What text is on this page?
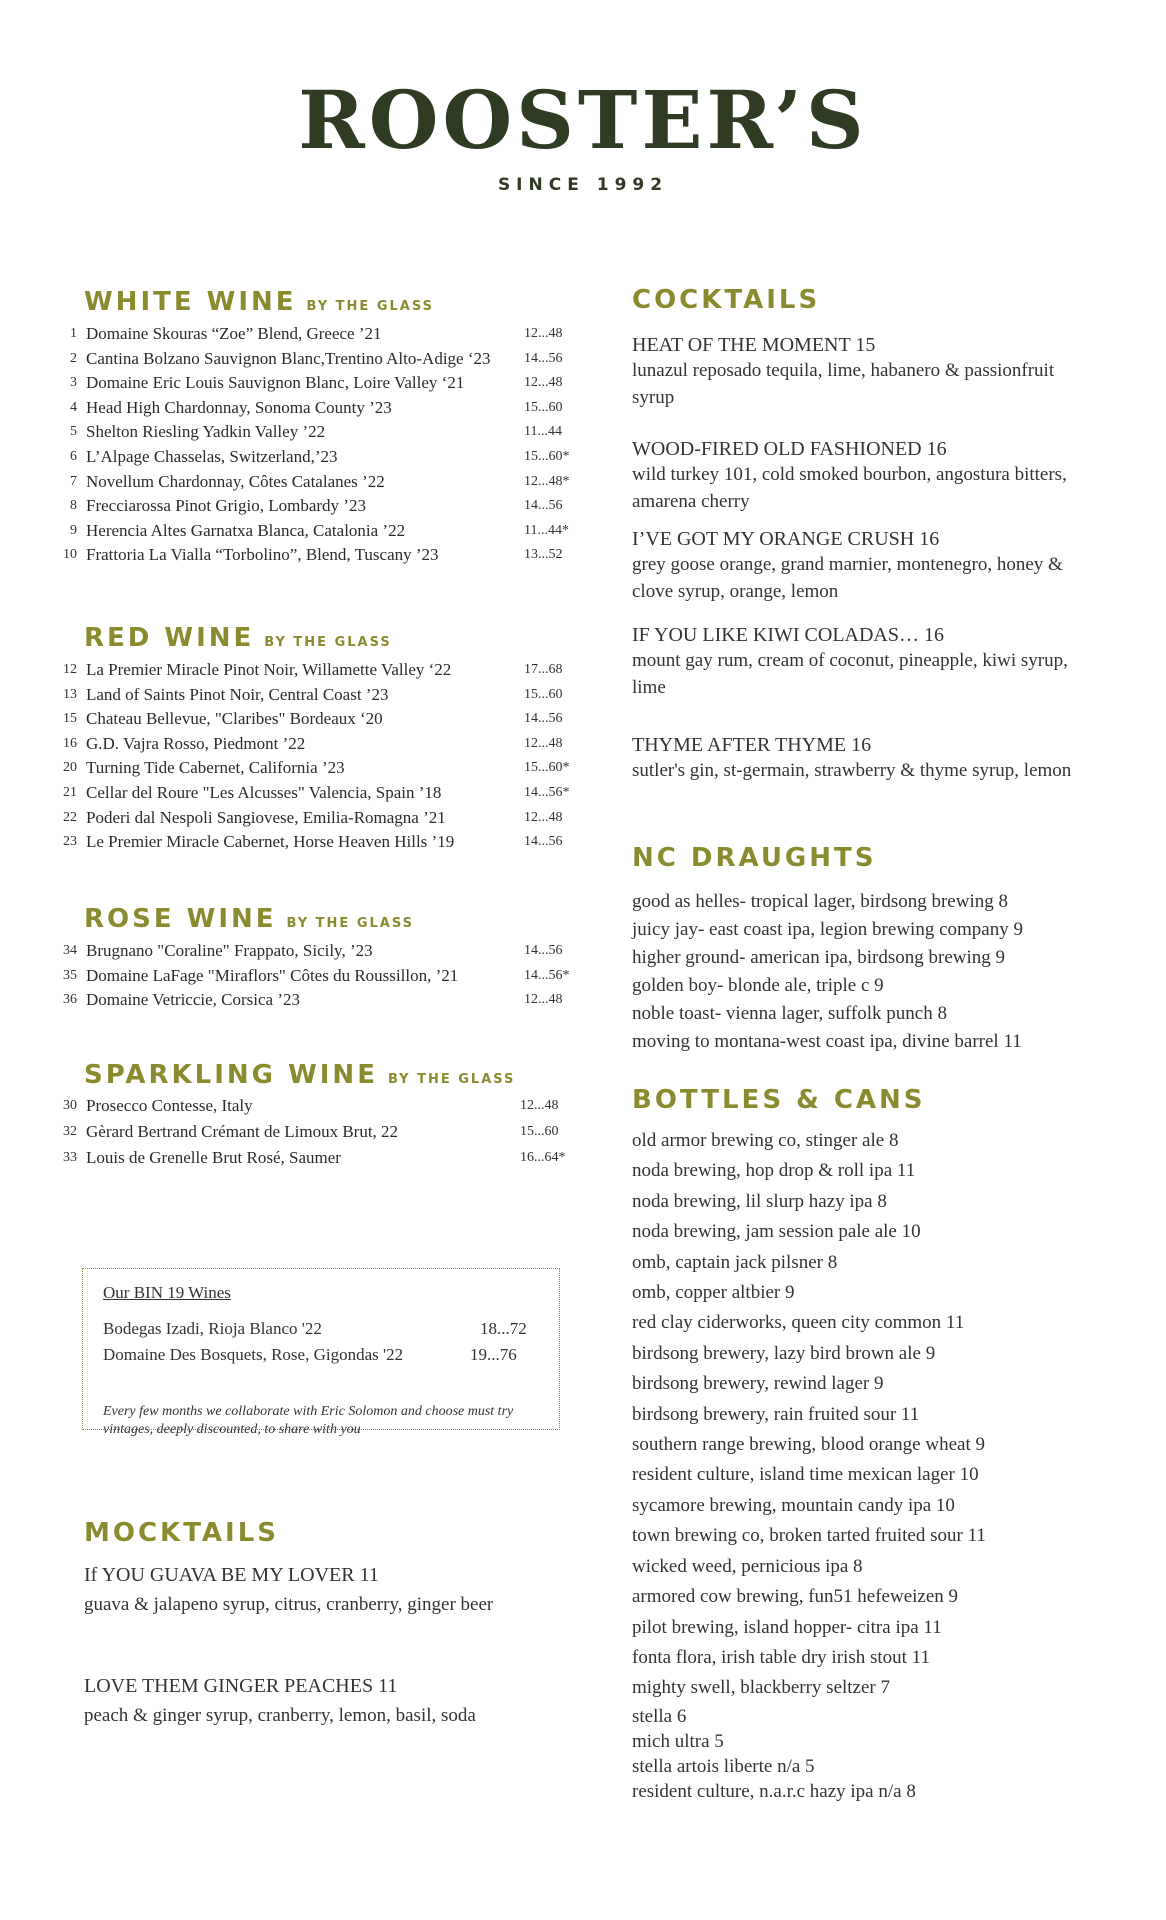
ROOSTER’S
SINCE 1992
WHITE WINE BY THE GLASS
1 Domaine Skouras “Zoe” Blend, Greece ’21	12...48
2 Cantina Bolzano Sauvignon Blanc,Trentino Alto-Adige ‘23 14...56
3 Domaine Eric Louis Sauvignon Blanc, Loire Valley ‘21	12...48
4 Head High Chardonnay, Sonoma County ’23	15...60
5 Shelton Riesling Yadkin Valley ’22	11...44
6 L’Alpage Chasselas, Switzerland,’23	15...60*
7 Novellum Chardonnay, Côtes Catalanes ’22	12...48*
8 Frecciarossa Pinot Grigio, Lombardy ’23	14...56
9 Herencia Altes Garnatxa Blanca, Catalonia ’22	11...44*
10 Frattoria La Vialla “Torbolino”, Blend, Tuscany ’23	13...52
RED WINE BY THE GLASS
12 La Premier Miracle Pinot Noir, Willamette Valley ‘22	17...68
13 Land of Saints Pinot Noir, Central Coast ’23	15...60
15 Chateau Bellevue, "Claribes" Bordeaux ‘20	14...56
16 G.D. Vajra Rosso, Piedmont ’22	12...48
20 Turning Tide Cabernet, California ’23	15...60*
21 Cellar del Roure "Les Alcusses" Valencia, Spain ’18	14...56*
22 Poderi dal Nespoli Sangiovese, Emilia-Romagna ’21	12...48
23 Le Premier Miracle Cabernet, Horse Heaven Hills ’19	14...56
ROSE WINE BY THE GLASS
34 Brugnano "Coraline" Frappato, Sicily, ’23	14...56
35 Domaine LaFage "Miraflors" Côtes du Roussillon, ’21	14...56*
36 Domaine Vetriccie, Corsica ’23	12...48
SPARKLING WINE BY THE GLASS
30 Prosecco Contesse, Italy	12...48
32 Gèrard Bertrand Crémant de Limoux Brut, 22	15...60
33 Louis de Grenelle Brut Rosé, Saumer	16...64*
Our BIN 19 Wines
Bodegas Izadi, Rioja Blanco '22	18...72
Domaine Des Bosquets, Rose, Gigondas '22	19...76
Every few months we collaborate with Eric Solomon and choose must try vintages, deeply discounted, to share with you
MOCKTAILS
If YOU GUAVA BE MY LOVER 11
guava & jalapeno syrup, citrus, cranberry, ginger beer
LOVE THEM GINGER PEACHES 11
peach & ginger syrup, cranberry, lemon, basil, soda
COCKTAILS
HEAT OF THE MOMENT 15
lunazul reposado tequila, lime, habanero & passionfruit syrup
WOOD-FIRED OLD FASHIONED 16
wild turkey 101, cold smoked bourbon, angostura bitters, amarena cherry
I’VE GOT MY ORANGE CRUSH 16
grey goose orange, grand marnier, montenegro, honey & clove syrup, orange, lemon
IF YOU LIKE KIWI COLADAS… 16
mount gay rum, cream of coconut, pineapple, kiwi syrup, lime
THYME AFTER THYME 16
sutler's gin, st-germain, strawberry & thyme syrup, lemon
NC DRAUGHTS
good as helles- tropical lager, birdsong brewing 8
juicy jay- east coast ipa, legion brewing company 9
higher ground- american ipa, birdsong brewing 9
golden boy- blonde ale, triple c 9
noble toast- vienna lager, suffolk punch 8
moving to montana-west coast ipa, divine barrel 11
BOTTLES & CANS
old armor brewing co, stinger ale 8
noda brewing, hop drop & roll ipa 11
noda brewing, lil slurp hazy ipa 8
noda brewing, jam session pale ale 10
omb, captain jack pilsner 8
omb, copper altbier 9
red clay ciderworks, queen city common 11
birdsong brewery, lazy bird brown ale 9
birdsong brewery, rewind lager 9
birdsong brewery, rain fruited sour 11
southern range brewing, blood orange wheat 9
resident culture, island time mexican lager 10
sycamore brewing, mountain candy ipa 10
town brewing co, broken tarted fruited sour 11
wicked weed, pernicious ipa 8
armored cow brewing, fun51 hefeweizen 9
pilot brewing, island hopper- citra ipa 11
fonta flora, irish table dry irish stout 11
mighty swell, blackberry seltzer 7
stella 6
mich ultra 5
stella artois liberte n/a 5
resident culture, n.a.r.c hazy ipa n/a 8
